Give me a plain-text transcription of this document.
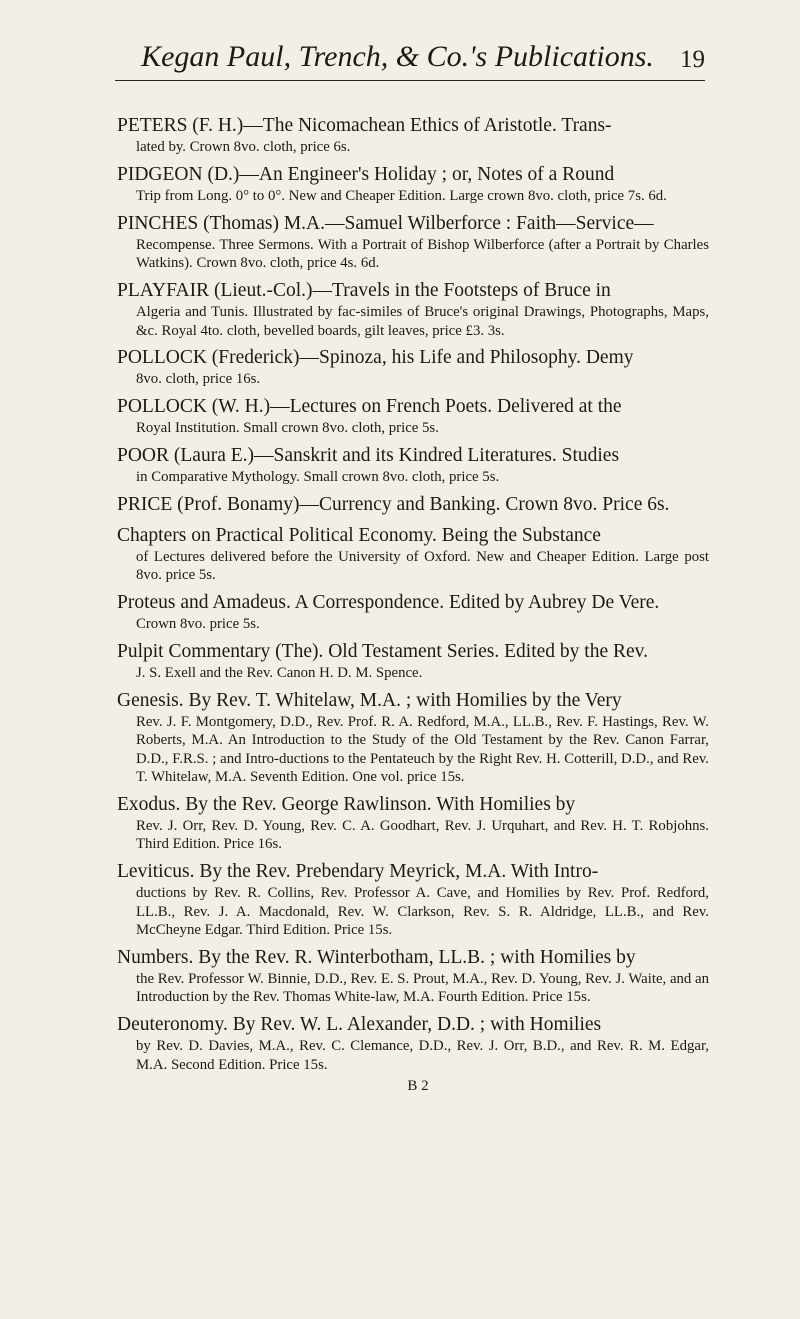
Kegan Paul, Trench, & Co.'s Publications.	19
PETERS (F. H.)—The Nicomachean Ethics of Aristotle. Trans-
lated by. Crown 8vo. cloth, price 6s.
PIDGEON (D.)—An Engineer's Holiday ; or, Notes of a Round
Trip from Long. 0° to 0°. New and Cheaper Edition. Large crown 8vo. cloth, price 7s. 6d.
PINCHES (Thomas) M.A.—Samuel Wilberforce : Faith—Service—
Recompense. Three Sermons. With a Portrait of Bishop Wilberforce (after a Portrait by Charles Watkins). Crown 8vo. cloth, price 4s. 6d.
PLAYFAIR (Lieut.-Col.)—Travels in the Footsteps of Bruce in
Algeria and Tunis. Illustrated by fac-similes of Bruce's original Drawings, Photographs, Maps, &c. Royal 4to. cloth, bevelled boards, gilt leaves, price £3. 3s.
POLLOCK (Frederick)—Spinoza, his Life and Philosophy. Demy
8vo. cloth, price 16s.
POLLOCK (W. H.)—Lectures on French Poets. Delivered at the
Royal Institution. Small crown 8vo. cloth, price 5s.
POOR (Laura E.)—Sanskrit and its Kindred Literatures. Studies
in Comparative Mythology. Small crown 8vo. cloth, price 5s.
PRICE (Prof. Bonamy)—Currency and Banking. Crown 8vo. Price 6s.
Chapters on Practical Political Economy. Being the Substance
of Lectures delivered before the University of Oxford. New and Cheaper Edition. Large post 8vo. price 5s.
Proteus and Amadeus. A Correspondence. Edited by Aubrey De Vere.
Crown 8vo. price 5s.
Pulpit Commentary (The). Old Testament Series. Edited by the Rev.
J. S. Exell and the Rev. Canon H. D. M. Spence.
Genesis. By Rev. T. Whitelaw, M.A. ; with Homilies by the Very
Rev. J. F. Montgomery, D.D., Rev. Prof. R. A. Redford, M.A., LL.B., Rev. F. Hastings, Rev. W. Roberts, M.A. An Introduction to the Study of the Old Testament by the Rev. Canon Farrar, D.D., F.R.S. ; and Intro-ductions to the Pentateuch by the Right Rev. H. Cotterill, D.D., and Rev. T. Whitelaw, M.A. Seventh Edition. One vol. price 15s.
Exodus. By the Rev. George Rawlinson. With Homilies by
Rev. J. Orr, Rev. D. Young, Rev. C. A. Goodhart, Rev. J. Urquhart, and Rev. H. T. Robjohns. Third Edition. Price 16s.
Leviticus. By the Rev. Prebendary Meyrick, M.A. With Intro-
ductions by Rev. R. Collins, Rev. Professor A. Cave, and Homilies by Rev. Prof. Redford, LL.B., Rev. J. A. Macdonald, Rev. W. Clarkson, Rev. S. R. Aldridge, LL.B., and Rev. McCheyne Edgar. Third Edition. Price 15s.
Numbers. By the Rev. R. Winterbotham, LL.B. ; with Homilies by
the Rev. Professor W. Binnie, D.D., Rev. E. S. Prout, M.A., Rev. D. Young, Rev. J. Waite, and an Introduction by the Rev. Thomas White-law, M.A. Fourth Edition. Price 15s.
Deuteronomy. By Rev. W. L. Alexander, D.D. ; with Homilies
by Rev. D. Davies, M.A., Rev. C. Clemance, D.D., Rev. J. Orr, B.D., and Rev. R. M. Edgar, M.A. Second Edition. Price 15s.
B 2
